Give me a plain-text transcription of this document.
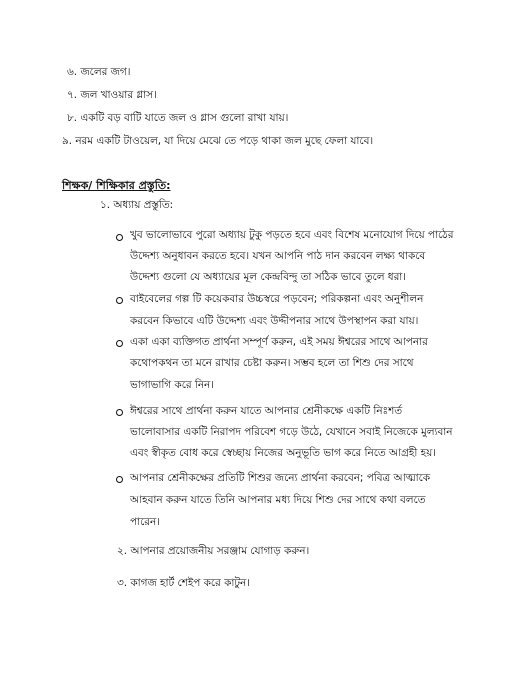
৬. জলের জগ।
৭. জল খাওয়ার গ্লাস।
৮. একটি বড় বাটি যাতে জল ও গ্লাস গুলো রাখা যায়।
৯. নরম একটি টাওয়েল, যা দিয়ে মেঝে তে পড়ে থাকা জল মুছে ফেলা যাবে।
শিক্ষক/ শিক্ষিকার প্রস্তুতি:
১. অধ্যায় প্রস্তুতি:
খুব ভালোভাবে পুরো অধ্যায় টুকু পড়তে হবে এবং বিশেষ মনোযোগ দিয়ে পাঠের
উদ্দেশ্য অনুধাবন করতে হবে। যখন আপনি পাঠ দান করবেন লক্ষ্য থাকবে
উদ্দেশ্য গুলো যে অধ্যায়ের মূল কেন্দ্রবিন্দু তা সঠিক ভাবে তুলে ধরা।
বাইবেলের গল্প টি কয়েকবার উচ্চস্বরে পড়বেন; পরিকল্পনা এবং অনুশীলন
করবেন কিভাবে এটি উদ্দেশ্য এবং উদ্দীপনার সাথে উপস্থাপন করা যায়।
একা একা ব্যক্তিগত প্রার্থনা সম্পূর্ণ করুন, এই সময় ঈশ্বরের সাথে আপনার
কথোপকথন তা মনে রাখার চেষ্টা করুন। সম্ভব হলে তা শিশু দের সাথে
ভাগাভাগি করে নিন।
ঈশ্বরের সাথে প্রার্থনা করুন যাতে আপনার শ্রেনীকক্ষে একটি নিঃশর্ত
ভালোবাসার একটি নিরাপদ পরিবেশ গড়ে উঠে, যেখানে সবাই নিজেকে মুল্যবান
এবং স্বীকৃত বোধ করে স্বেচ্ছায় নিজের অনুভূতি ভাগ করে নিতে আগ্রহী হয়।
আপনার শ্রেনীকক্ষের প্রতিটি শিশুর জন্যে প্রার্থনা করবেন; পবিত্র আত্মাকে
আহবান করুন যাতে তিনি আপনার মধ্য দিয়ে শিশু দের সাথে কথা বলতে
পারেন।
২. আপনার প্রয়োজনীয় সরঞ্জাম যোগাড় করুন।
৩. কাগজ হার্ট শেইপ করে কাটুন।
